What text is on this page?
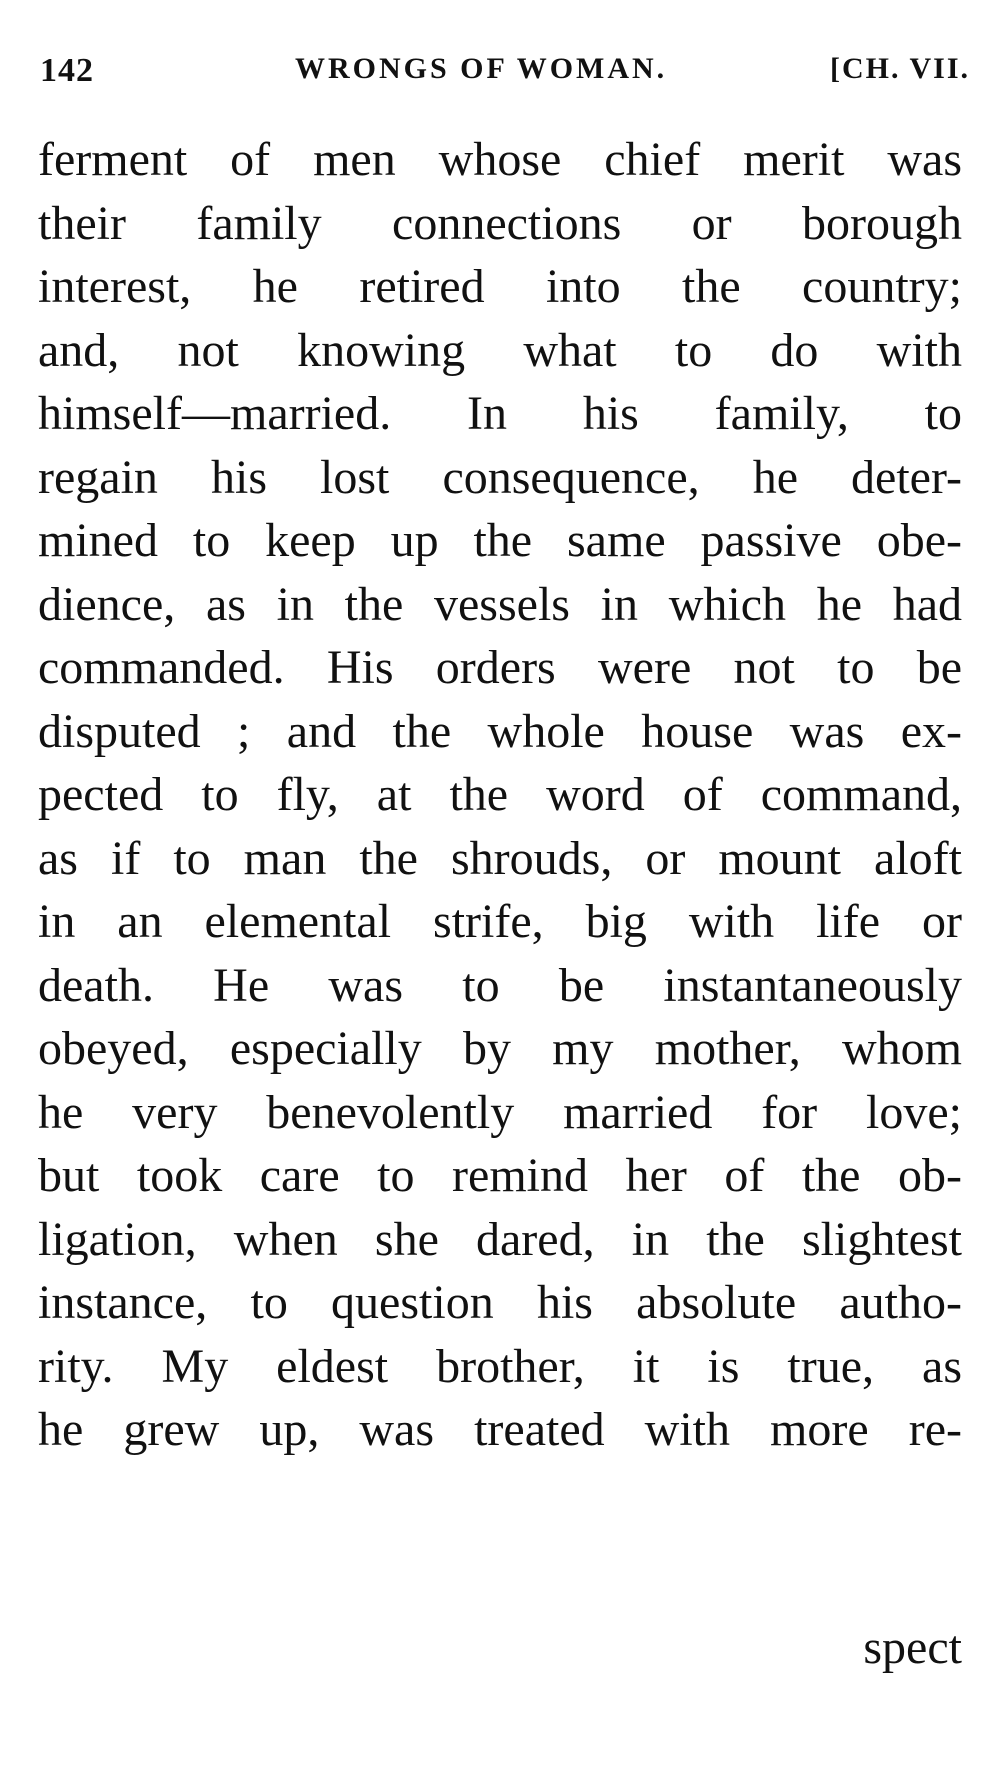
142	WRONGS OF WOMAN.	[CH. VII.
ferment of men whose chief merit was
their family connections or borough
interest, he retired into the country;
and, not knowing what to do with
himself—married. In his family, to
regain his lost consequence, he deter-
mined to keep up the same passive obe-
dience, as in the vessels in which he had
commanded. His orders were not to be
disputed ; and the whole house was ex-
pected to fly, at the word of command,
as if to man the shrouds, or mount aloft
in an elemental strife, big with life or
death. He was to be instantaneously
obeyed, especially by my mother, whom
he very benevolently married for love;
but took care to remind her of the ob-
ligation, when she dared, in the slightest
instance, to question his absolute autho-
rity. My eldest brother, it is true, as
he grew up, was treated with more re-
spect
